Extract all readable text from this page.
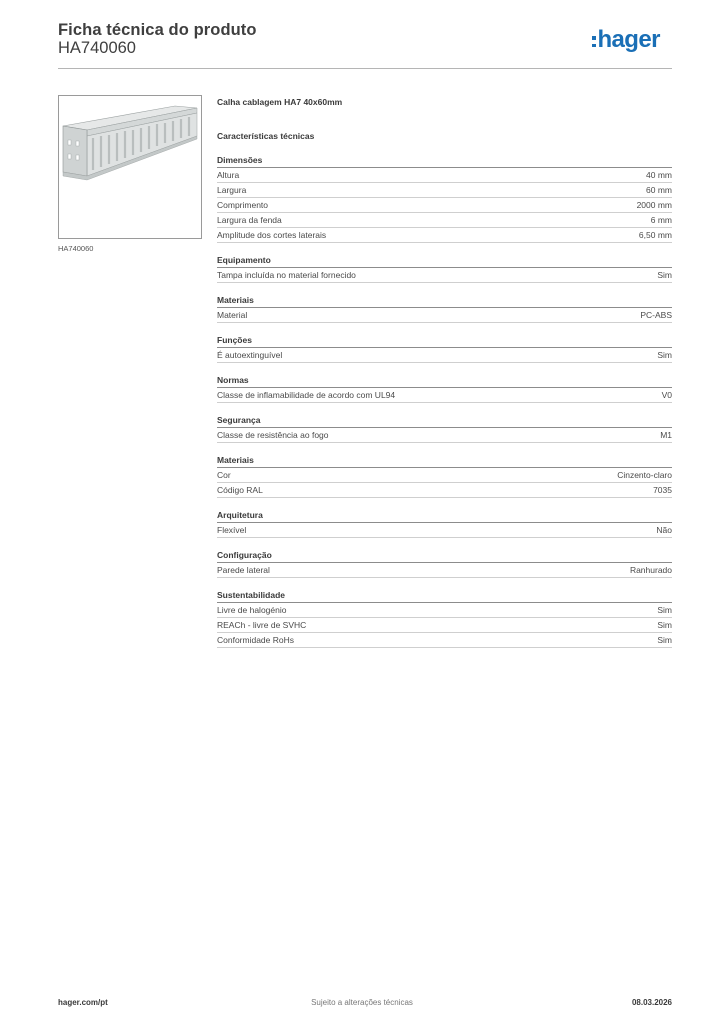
Ficha técnica do produto
HA740060	hager
HA740060
Calha cablagem HA7 40x60mm
Características técnicas
Dimensões
Altura	40 mm
Largura	60 mm
Comprimento	2000 mm
Largura da fenda	6 mm
Amplitude dos cortes laterais	6,50 mm
Equipamento
Tampa incluída no material fornecido	Sim
Materiais
Material	PC-ABS
Funções
É autoextinguível	Sim
Normas
Classe de inflamabilidade de acordo com UL94	V0
Segurança
Classe de resistência ao fogo	M1
Materiais
Cor	Cinzento-claro
Código RAL	7035
Arquitetura
Flexível	Não
Configuração
Parede lateral	Ranhurado
Sustentabilidade
Livre de halogénio	Sim
REACh - livre de SVHC	Sim
Conformidade RoHs	Sim
hager.com/pt	Sujeito a alterações técnicas	08.03.2026
